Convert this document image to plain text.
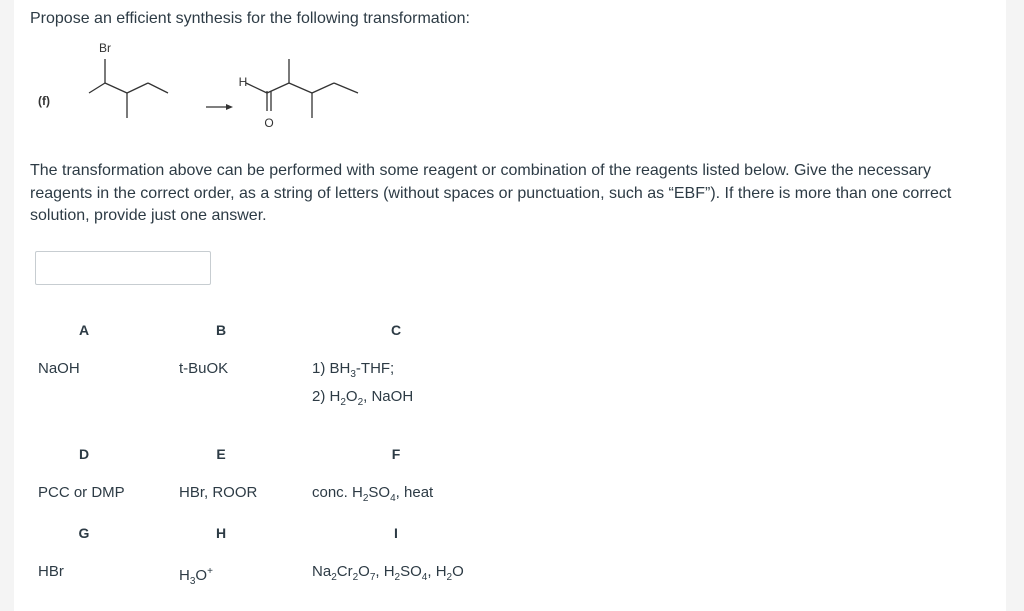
Propose an efficient synthesis for the following transformation:

(f)
Br
H
O

The transformation above can be performed with some reagent or combination of the reagents listed below. Give the necessary reagents in the correct order, as a string of letters (without spaces or punctuation, such as “EBF”). If there is more than one correct solution, provide just one answer.

A	B	C
NaOH	t-BuOK	1) $BH_3$-THF;
2) $H_2O_2$, NaOH
D	E	F
PCC or DMP	HBr, ROOR	conc. $H_2SO_4$, heat
G	H	I
HBr	$H_3O^+$	$Na_2Cr_2O_7$, $H_2SO_4$, $H_2O$
